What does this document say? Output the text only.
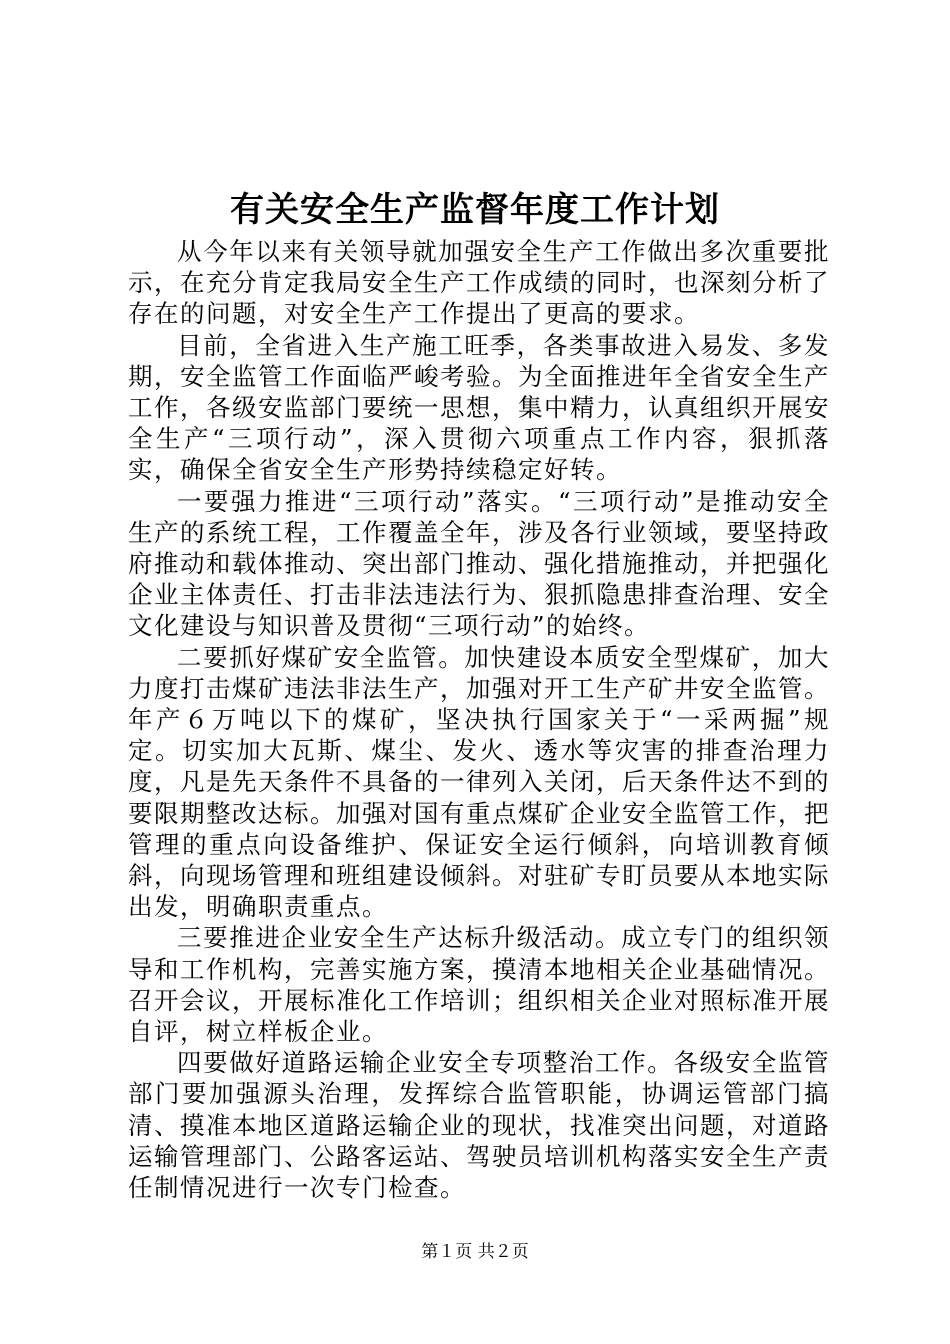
有关安全生产监督年度工作计划

从今年以来有关领导就加强安全生产工作做出多次重要批示，在充分肯定我局安全生产工作成绩的同时，也深刻分析了存在的问题，对安全生产工作提出了更高的要求。

目前，全省进入生产施工旺季，各类事故进入易发、多发期，安全监管工作面临严峻考验。为全面推进年全省安全生产工作，各级安监部门要统一思想，集中精力，认真组织开展安全生产“三项行动”，深入贯彻六项重点工作内容，狠抓落实，确保全省安全生产形势持续稳定好转。

一要强力推进“三项行动”落实。“三项行动”是推动安全生产的系统工程，工作覆盖全年，涉及各行业领域，要坚持政府推动和载体推动、突出部门推动、强化措施推动，并把强化企业主体责任、打击非法违法行为、狠抓隐患排查治理、安全文化建设与知识普及贯彻“三项行动”的始终。

二要抓好煤矿安全监管。加快建设本质安全型煤矿，加大力度打击煤矿违法非法生产，加强对开工生产矿井安全监管。年产６万吨以下的煤矿，坚决执行国家关于“一采两掘”规定。切实加大瓦斯、煤尘、发火、透水等灾害的排查治理力度，凡是先天条件不具备的一律列入关闭，后天条件达不到的要限期整改达标。加强对国有重点煤矿企业安全监管工作，把管理的重点向设备维护、保证安全运行倾斜，向培训教育倾斜，向现场管理和班组建设倾斜。对驻矿专盯员要从本地实际出发，明确职责重点。

三要推进企业安全生产达标升级活动。成立专门的组织领导和工作机构，完善实施方案，摸清本地相关企业基础情况。召开会议，开展标准化工作培训；组织相关企业对照标准开展自评，树立样板企业。

四要做好道路运输企业安全专项整治工作。各级安全监管部门要加强源头治理，发挥综合监管职能，协调运管部门搞清、摸准本地区道路运输企业的现状，找准突出问题，对道路运输管理部门、公路客运站、驾驶员培训机构落实安全生产责任制情况进行一次专门检查。

第１页 共２页
